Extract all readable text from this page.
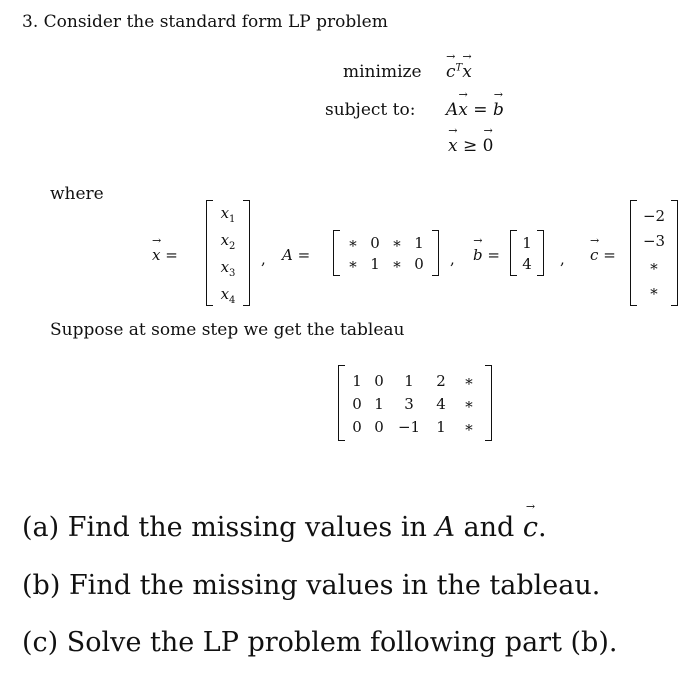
3. Consider the standard form LP problem
minimize → $c^T\to x$
subject to: A→ x = → b
→ x ≥ → 0
where
→ x =
$x_1$
$x_2$
$x_3$
$x_4$
, A =
∗ 0 ∗ 1
∗ 1 ∗ 0	, → b =
1
4 , → c =
−2
−3
∗
∗
Suppose at some step we get the tableau
1 0	1	2	∗
0 1	3	4	∗
0 0 −1	1	∗
(a) Find the missing values in A and → c.
(b) Find the missing values in the tableau.
(c) Solve the LP problem following part (b).
